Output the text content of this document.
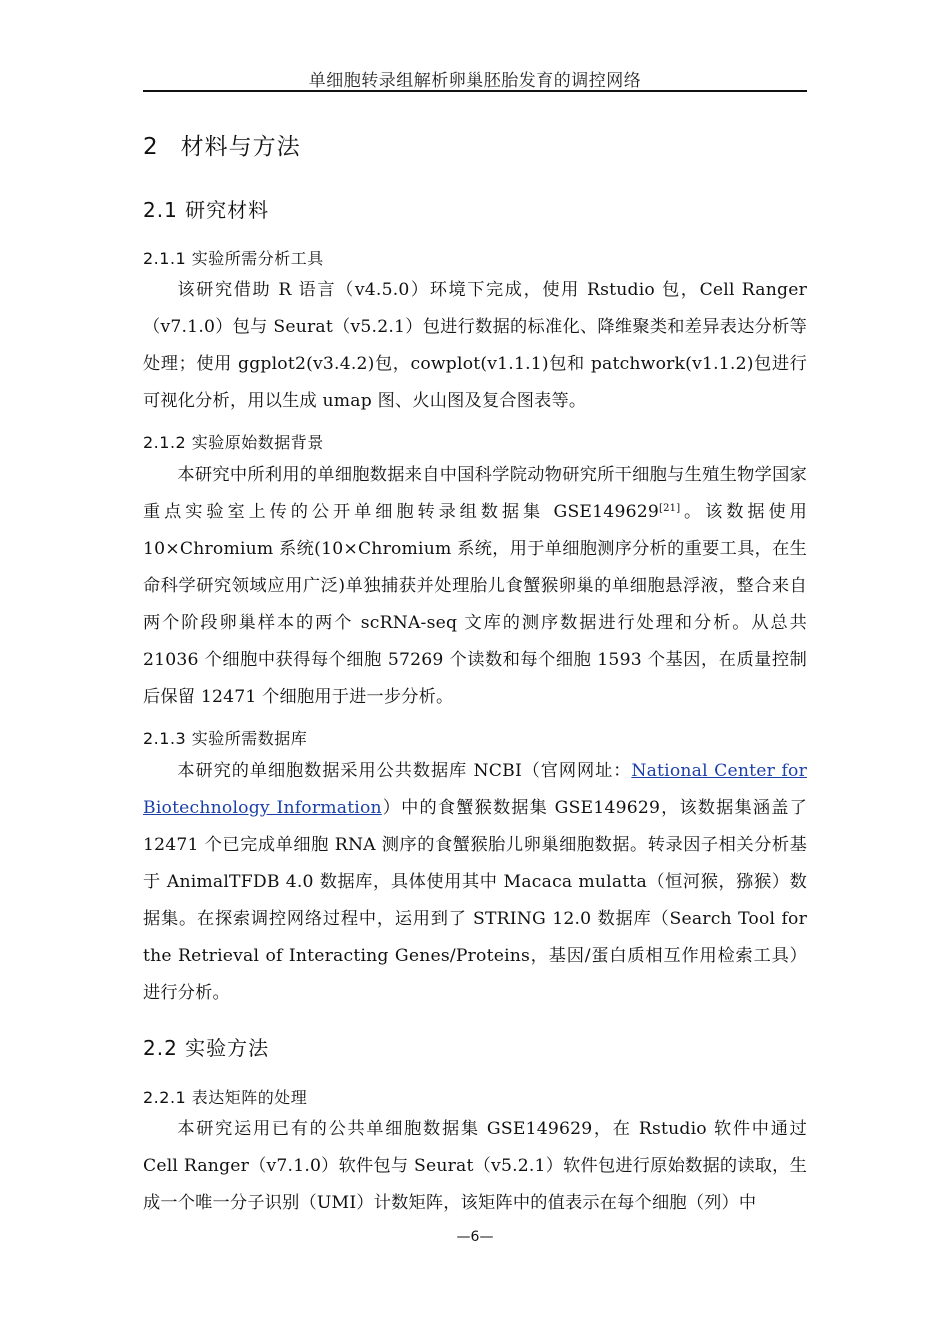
单细胞转录组解析卵巢胚胎发育的调控网络
2 材料与方法
2.1 研究材料
2.1.1 实验所需分析工具
该研究借助 R 语言（v4.5.0）环境下完成，使用 Rstudio 包，Cell Ranger（v7.1.0）包与 Seurat（v5.2.1）包进行数据的标准化、降维聚类和差异表达分析等处理；使用 ggplot2(v3.4.2)包，cowplot(v1.1.1)包和 patchwork(v1.1.2)包进行可视化分析，用以生成 umap 图、火山图及复合图表等。
2.1.2 实验原始数据背景
本研究中所利用的单细胞数据来自中国科学院动物研究所干细胞与生殖生物学国家重点实验室上传的公开单细胞转录组数据集 GSE149629[21]。该数据使用 10×Chromium 系统(10×Chromium 系统，用于单细胞测序分析的重要工具，在生命科学研究领域应用广泛)单独捕获并处理胎儿食蟹猴卵巢的单细胞悬浮液，整合来自两个阶段卵巢样本的两个 scRNA-seq 文库的测序数据进行处理和分析。从总共 21036 个细胞中获得每个细胞 57269 个读数和每个细胞 1593 个基因，在质量控制后保留 12471 个细胞用于进一步分析。
2.1.3 实验所需数据库
本研究的单细胞数据采用公共数据库 NCBI（官网网址：National Center for Biotechnology Information）中的食蟹猴数据集 GSE149629，该数据集涵盖了 12471 个已完成单细胞 RNA 测序的食蟹猴胎儿卵巢细胞数据。转录因子相关分析基于 AnimalTFDB 4.0 数据库，具体使用其中 Macaca mulatta（恒河猴，猕猴）数据集。在探索调控网络过程中，运用到了 STRING 12.0 数据库（Search Tool for the Retrieval of Interacting Genes/Proteins，基因/蛋白质相互作用检索工具）进行分析。
2.2 实验方法
2.2.1 表达矩阵的处理
本研究运用已有的公共单细胞数据集 GSE149629，在 Rstudio 软件中通过 Cell Ranger（v7.1.0）软件包与 Seurat（v5.2.1）软件包进行原始数据的读取，生成一个唯一分子识别（UMI）计数矩阵，该矩阵中的值表示在每个细胞（列）中
—6—
